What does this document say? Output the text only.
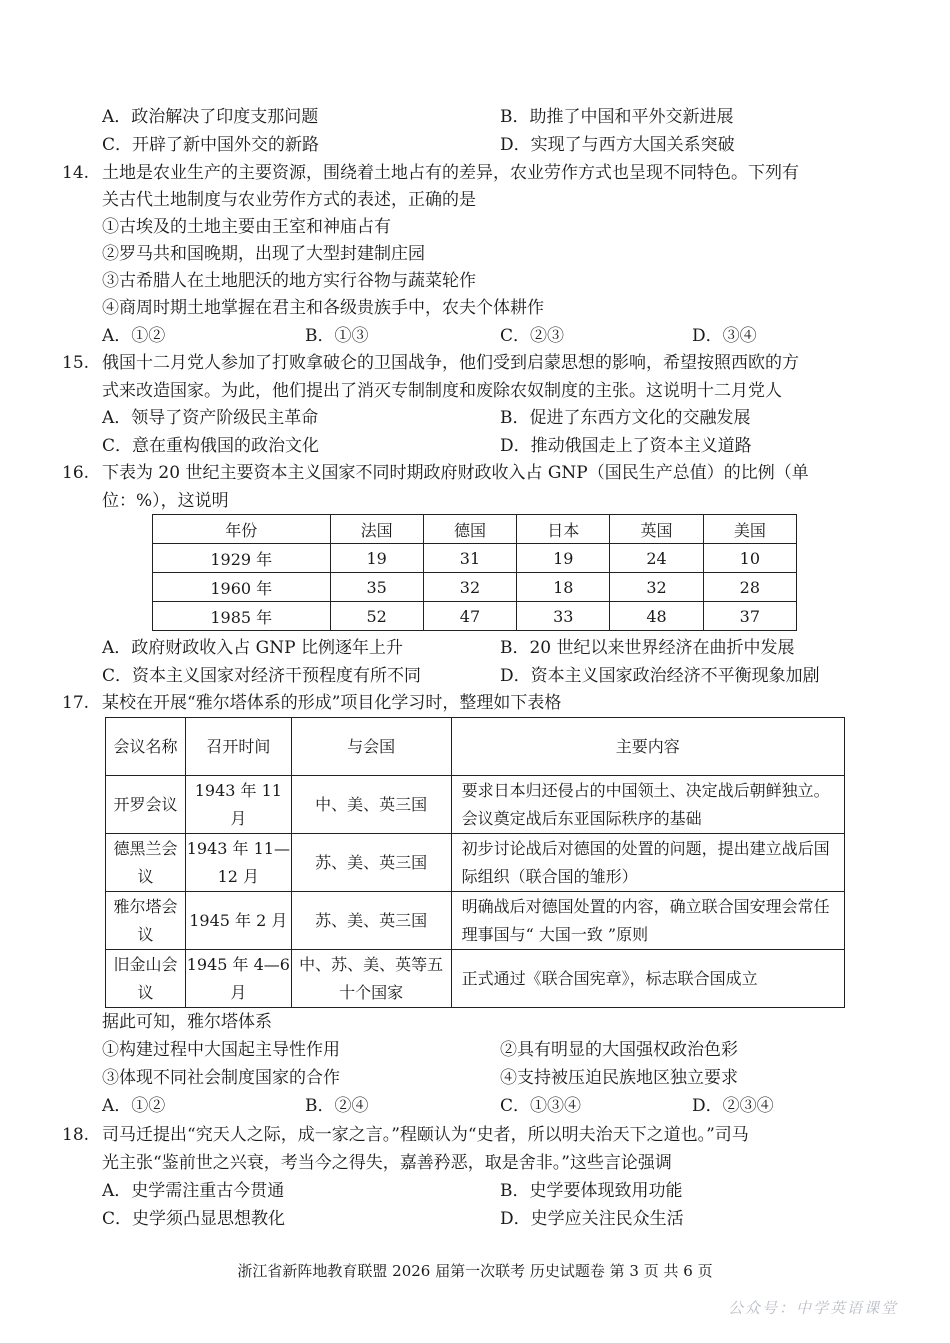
A．政治解决了印度支那问题	B．助推了中国和平外交新进展
C．开辟了新中国外交的新路	D．实现了与西方大国关系突破
14. 土地是农业生产的主要资源，围绕着土地占有的差异，农业劳作方式也呈现不同特色。下列有
关古代土地制度与农业劳作方式的表述，正确的是
①古埃及的土地主要由王室和神庙占有
②罗马共和国晚期，出现了大型封建制庄园
③古希腊人在土地肥沃的地方实行谷物与蔬菜轮作
④商周时期土地掌握在君主和各级贵族手中，农夫个体耕作
A．①②	B．①③	C．②③	D．③④
15. 俄国十二月党人参加了打败拿破仑的卫国战争，他们受到启蒙思想的影响，希望按照西欧的方
式来改造国家。为此，他们提出了消灭专制制度和废除农奴制度的主张。这说明十二月党人
A．领导了资产阶级民主革命	B．促进了东西方文化的交融发展
C．意在重构俄国的政治文化	D．推动俄国走上了资本主义道路
16. 下表为 20 世纪主要资本主义国家不同时期政府财政收入占 GNP（国民生产总值）的比例（单
位：%），这说明
年份	法国	德国	日本	英国	美国
1929 年	19	31	19	24	10
1960 年	35	32	18	32	28
1985 年	52	47	33	48	37
A．政府财政收入占 GNP 比例逐年上升	B．20 世纪以来世界经济在曲折中发展
C．资本主义国家对经济干预程度有所不同	D．资本主义国家政治经济不平衡现象加剧
17. 某校在开展“雅尔塔体系的形成”项目化学习时，整理如下表格
会议名称	召开时间	与会国	主要内容
开罗会议	1943 年 11 月	中、美、英三国	要求日本归还侵占的中国领土、决定战后朝鲜独立。会议奠定战后东亚国际秩序的基础
德黑兰会议	1943 年 11—12 月	苏、美、英三国	初步讨论战后对德国的处置的问题，提出建立战后国际组织（联合国的雏形）
雅尔塔会议	1945 年 2 月	苏、美、英三国	明确战后对德国处置的内容，确立联合国安理会常任理事国与“ 大国一致 ”原则
旧金山会议	1945 年 4—6 月	中、苏、美、英等五十个国家	正式通过《联合国宪章》，标志联合国成立
据此可知，雅尔塔体系
①构建过程中大国起主导性作用	②具有明显的大国强权政治色彩
③体现不同社会制度国家的合作	④支持被压迫民族地区独立要求
A．①②	B．②④	C．①③④	D．②③④
18. 司马迁提出“究天人之际，成一家之言。”程颐认为“史者，所以明夫治天下之道也。”司马
光主张“鉴前世之兴衰，考当今之得失，嘉善矜恶，取是舍非。”这些言论强调
A．史学需注重古今贯通	B．史学要体现致用功能
C．史学须凸显思想教化	D．史学应关注民众生活
浙江省新阵地教育联盟 2026 届第一次联考 历史试题卷 第 3 页 共 6 页
公众号：中学英语课堂
